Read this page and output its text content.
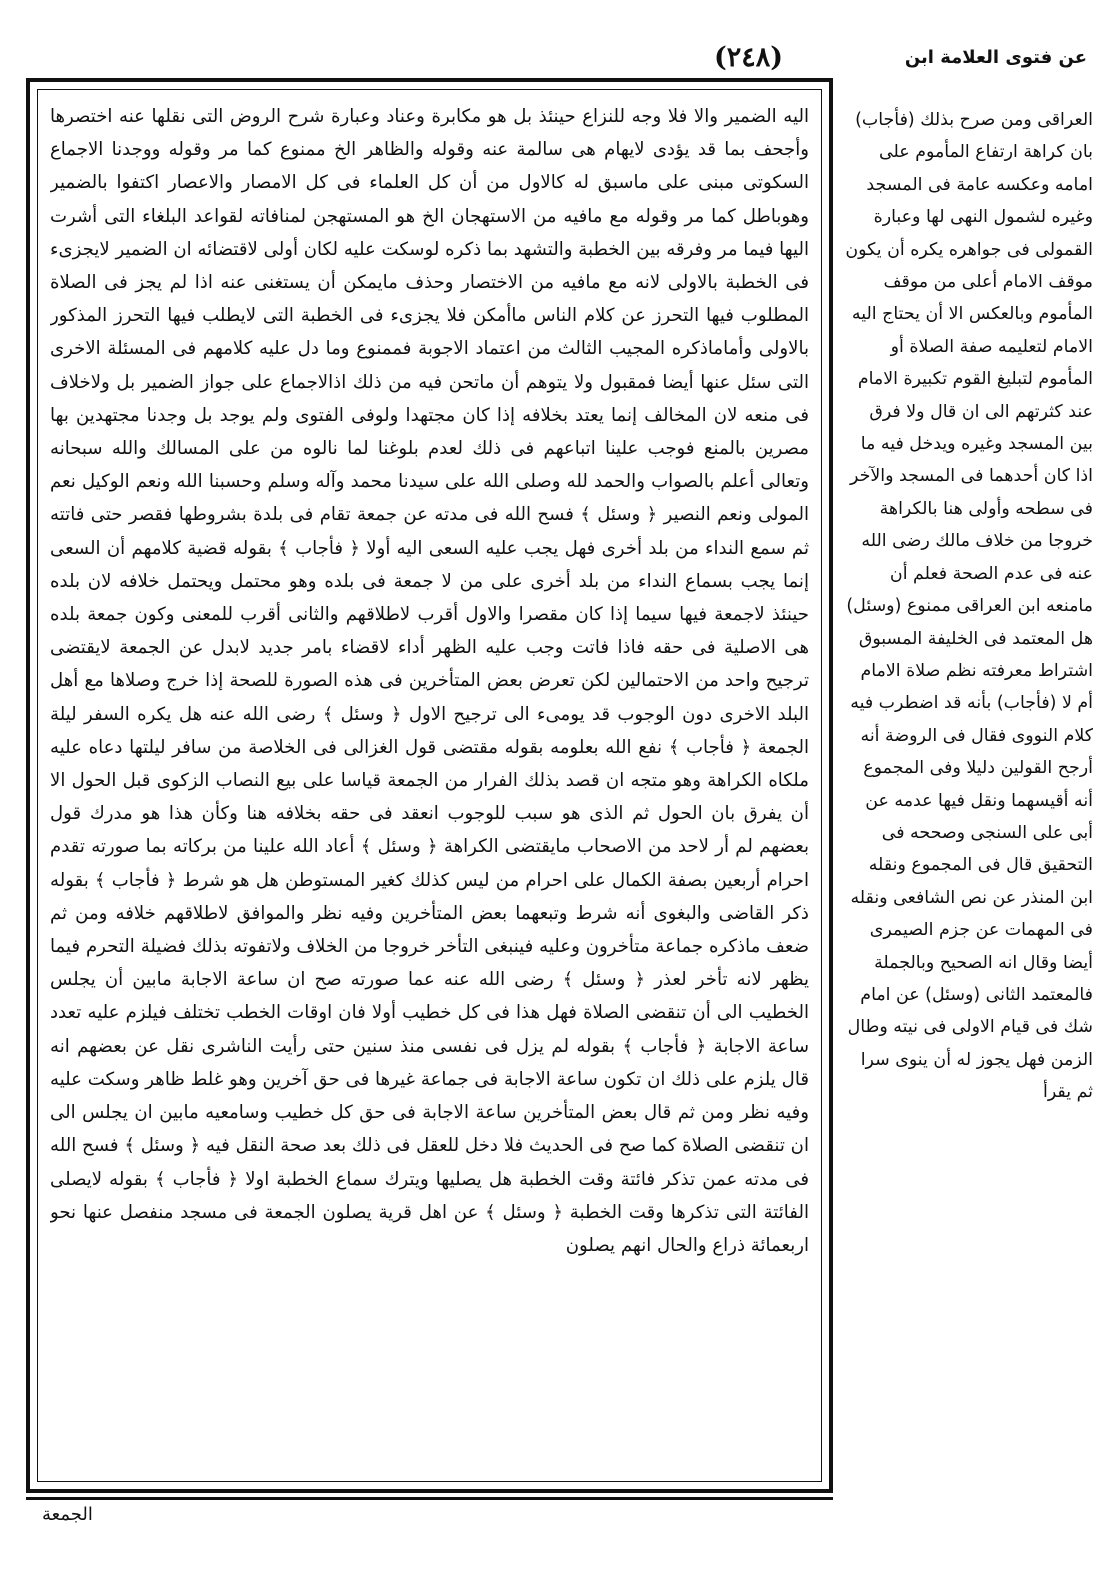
(٢٤٨)	عن فتوى العلامة ابن

اليه الضمير والا فلا وجه للنزاع حينئذ بل هو مكابرة وعناد وعبارة شرح الروض التى نقلها عنه اختصرها وأجحف بما قد يؤدى لايهام هى سالمة عنه وقوله والظاهر الخ ممنوع كما مر وقوله ووجدنا الاجماع السكوتى مبنى على ماسبق له كالاول من أن كل العلماء فى كل الامصار والاعصار اكتفوا بالضمير وهوباطل كما مر وقوله مع مافيه من الاستهجان الخ هو المستهجن لمنافاته لقواعد البلغاء التى أشرت اليها فيما مر وفرقه بين الخطبة والتشهد بما ذكره لوسكت عليه لكان أولى لاقتضائه ان الضمير لايجزىء فى الخطبة بالاولى لانه مع مافيه من الاختصار وحذف مايمكن أن يستغنى عنه اذا لم يجز فى الصلاة المطلوب فيها التحرز عن كلام الناس ماأمكن فلا يجزىء فى الخطبة التى لايطلب فيها التحرز المذكور بالاولى وأماماذكره المجيب الثالث من اعتماد الاجوبة فممنوع وما دل عليه كلامهم فى المسئلة الاخرى التى سئل عنها أيضا فمقبول ولا يتوهم أن ماتحن فيه من ذلك اذالاجماع على جواز الضمير بل ولاخلاف فى منعه لان المخالف إنما يعتد بخلافه إذا كان مجتهدا ولوفى الفتوى ولم يوجد بل وجدنا مجتهدين بها مصرين بالمنع فوجب علينا اتباعهم فى ذلك لعدم بلوغنا لما نالوه من على المسالك والله سبحانه وتعالى أعلم بالصواب والحمد لله وصلى الله على سيدنا محمد وآله وسلم وحسبنا الله ونعم الوكيل نعم المولى ونعم النصير ﴿ وسئل ﴾ فسح الله فى مدته عن جمعة تقام فى بلدة بشروطها فقصر حتى فاتته ثم سمع النداء من بلد أخرى فهل يجب عليه السعى اليه أولا ﴿ فأجاب ﴾ بقوله قضية كلامهم أن السعى إنما يجب بسماع النداء من بلد أخرى على من لا جمعة فى بلده وهو محتمل ويحتمل خلافه لان بلده حينئذ لاجمعة فيها سيما إذا كان مقصرا والاول أقرب لاطلاقهم والثانى أقرب للمعنى وكون جمعة بلده هى الاصلية فى حقه فاذا فاتت وجب عليه الظهر أداء لاقضاء بامر جديد لابدل عن الجمعة لايقتضى ترجيح واحد من الاحتمالين لكن تعرض بعض المتأخرين فى هذه الصورة للصحة إذا خرج وصلاها مع أهل البلد الاخرى دون الوجوب قد يومىء الى ترجيح الاول ﴿ وسئل ﴾ رضى الله عنه هل يكره السفر ليلة الجمعة ﴿ فأجاب ﴾ نفع الله بعلومه بقوله مقتضى قول الغزالى فى الخلاصة من سافر ليلتها دعاه عليه ملكاه الكراهة وهو متجه ان قصد بذلك الفرار من الجمعة قياسا على بيع النصاب الزكوى قبل الحول الا أن يفرق بان الحول ثم الذى هو سبب للوجوب انعقد فى حقه بخلافه هنا وكأن هذا هو مدرك قول بعضهم لم أر لاحد من الاصحاب مايقتضى الكراهة ﴿ وسئل ﴾ أعاد الله علينا من بركاته بما صورته تقدم احرام أربعين بصفة الكمال على احرام من ليس كذلك كغير المستوطن هل هو شرط ﴿ فأجاب ﴾ بقوله ذكر القاضى والبغوى أنه شرط وتبعهما بعض المتأخرين وفيه نظر والموافق لاطلاقهم خلافه ومن ثم ضعف ماذكره جماعة متأخرون وعليه فينبغى التأخر خروجا من الخلاف ولاتفوته بذلك فضيلة التحرم فيما يظهر لانه تأخر لعذر ﴿ وسئل ﴾ رضى الله عنه عما صورته صح ان ساعة الاجابة مابين أن يجلس الخطيب الى أن تنقضى الصلاة فهل هذا فى كل خطيب أولا فان اوقات الخطب تختلف فيلزم عليه تعدد ساعة الاجابة ﴿ فأجاب ﴾ بقوله لم يزل فى نفسى منذ سنين حتى رأيت الناشرى نقل عن بعضهم انه قال يلزم على ذلك ان تكون ساعة الاجابة فى جماعة غيرها فى حق آخرين وهو غلط ظاهر وسكت عليه وفيه نظر ومن ثم قال بعض المتأخرين ساعة الاجابة فى حق كل خطيب وسامعيه مابين ان يجلس الى ان تنقضى الصلاة كما صح فى الحديث فلا دخل للعقل فى ذلك بعد صحة النقل فيه ﴿ وسئل ﴾ فسح الله فى مدته عمن تذكر فائتة وقت الخطبة هل يصليها ويترك سماع الخطبة اولا ﴿ فأجاب ﴾ بقوله لايصلى الفائتة التى تذكرها وقت الخطبة ﴿ وسئل ﴾ عن اهل قرية يصلون الجمعة فى مسجد منفصل عنها نحو اربعمائة ذراع والحال انهم يصلون

العراقى ومن صرح بذلك (فأجاب) بان كراهة ارتفاع المأموم على امامه وعكسه عامة فى المسجد وغيره لشمول النهى لها وعبارة القمولى فى جواهره يكره أن يكون موقف الامام أعلى من موقف المأموم وبالعكس الا أن يحتاج اليه الامام لتعليمه صفة الصلاة أو المأموم لتبليغ القوم تكبيرة الامام عند كثرتهم الى ان قال ولا فرق بين المسجد وغيره ويدخل فيه ما اذا كان أحدهما فى المسجد والآخر فى سطحه وأولى هنا بالكراهة خروجا من خلاف مالك رضى الله عنه فى عدم الصحة فعلم أن مامنعه ابن العراقى ممنوع (وسئل) هل المعتمد فى الخليفة المسبوق اشتراط معرفته نظم صلاة الامام أم لا (فأجاب) بأنه قد اضطرب فيه كلام النووى فقال فى الروضة أنه أرجح القولين دليلا وفى المجموع أنه أقيسهما ونقل فيها عدمه عن أبى على السنجى وصححه فى التحقيق قال فى المجموع ونقله ابن المنذر عن نص الشافعى ونقله فى المهمات عن جزم الصيمرى أيضا وقال انه الصحيح وبالجملة فالمعتمد الثانى (وسئل) عن امام شك فى قيام الاولى فى نيته وطال الزمن فهل يجوز له أن ينوى سرا ثم يقرأ

الجمعة
